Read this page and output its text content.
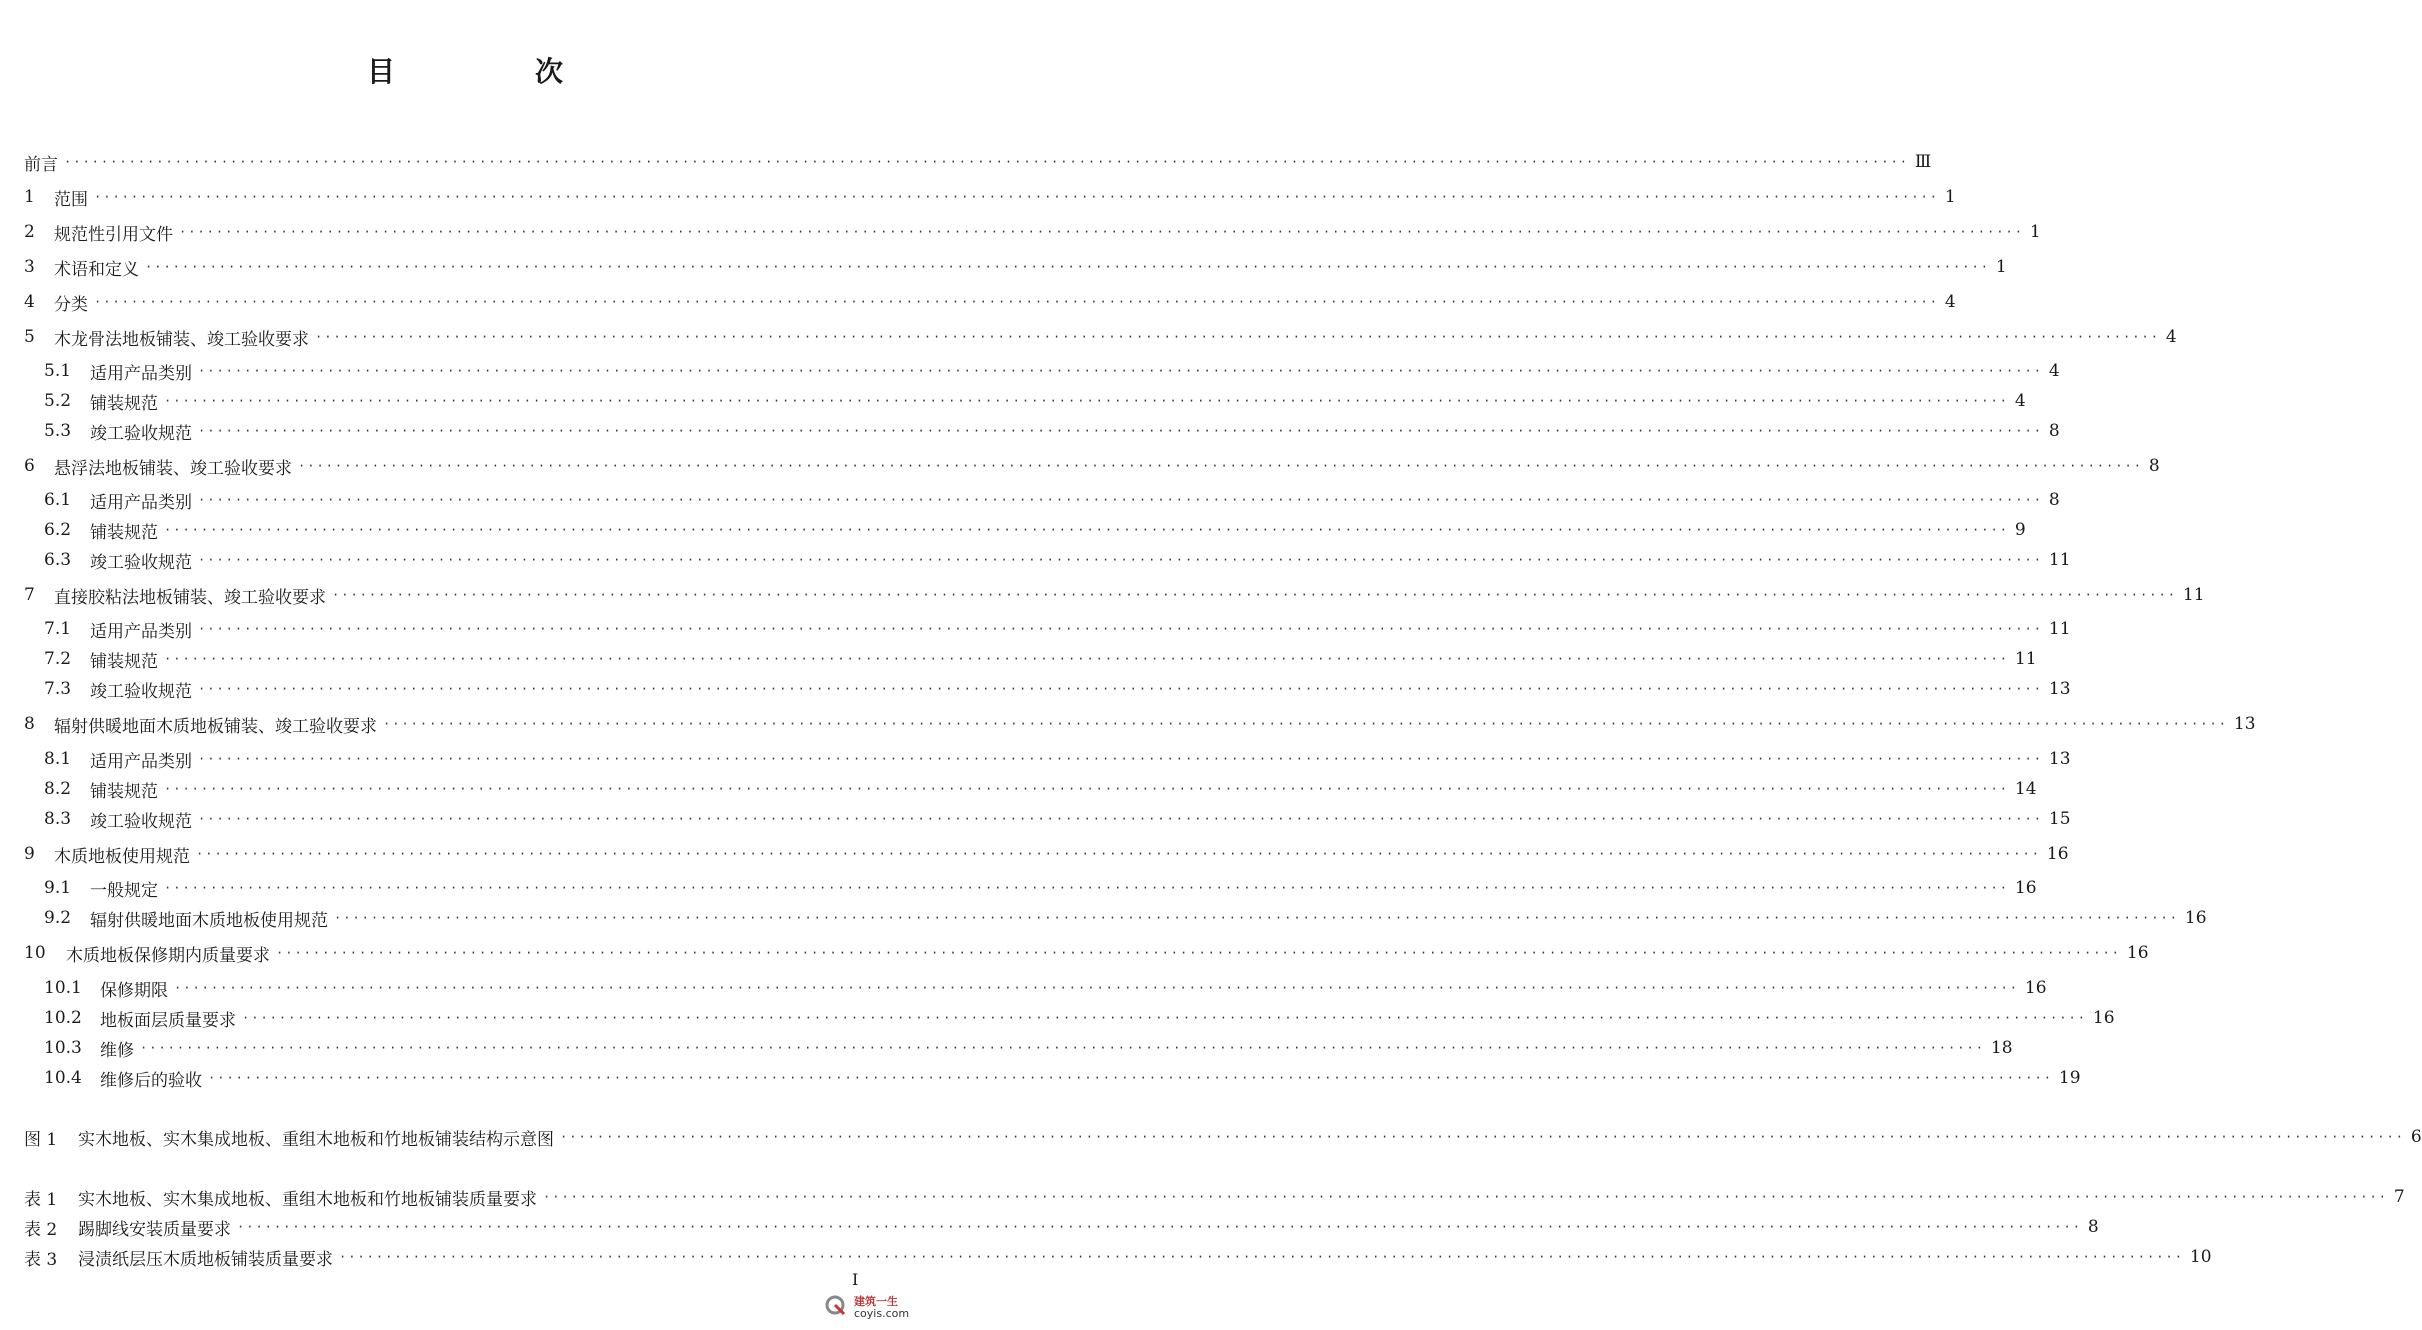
目　次
前言 ········································································································································································································ Ⅲ
1	范围 ········································································································································································································ 1
2	规范性引用文件 ········································································································································································································ 1
3	术语和定义 ········································································································································································································ 1
4	分类 ········································································································································································································ 4
5	木龙骨法地板铺装、竣工验收要求 ········································································································································································································ 4
5.1	适用产品类别 ········································································································································································································ 4
5.2	铺装规范 ········································································································································································································ 4
5.3	竣工验收规范 ········································································································································································································ 8
6	悬浮法地板铺装、竣工验收要求 ········································································································································································································ 8
6.1	适用产品类别 ········································································································································································································ 8
6.2	铺装规范 ········································································································································································································ 9
6.3	竣工验收规范 ········································································································································································································ 11
7	直接胶粘法地板铺装、竣工验收要求 ········································································································································································································ 11
7.1	适用产品类别 ········································································································································································································ 11
7.2	铺装规范 ········································································································································································································ 11
7.3	竣工验收规范 ········································································································································································································ 13
8	辐射供暖地面木质地板铺装、竣工验收要求 ········································································································································································································ 13
8.1	适用产品类别 ········································································································································································································ 13
8.2	铺装规范 ········································································································································································································ 14
8.3	竣工验收规范 ········································································································································································································ 15
9	木质地板使用规范 ········································································································································································································ 16
9.1	一般规定 ········································································································································································································ 16
9.2	辐射供暖地面木质地板使用规范 ········································································································································································································ 16
10	木质地板保修期内质量要求 ········································································································································································································ 16
10.1	保修期限 ········································································································································································································ 16
10.2	地板面层质量要求 ········································································································································································································ 16
10.3	维修 ········································································································································································································ 18
10.4	维修后的验收 ········································································································································································································ 19
图 1	实木地板、实木集成地板、重组木地板和竹地板铺装结构示意图 ········································································································································································································ 6
表 1	实木地板、实木集成地板、重组木地板和竹地板铺装质量要求 ········································································································································································································ 7
表 2	踢脚线安装质量要求 ········································································································································································································ 8
表 3	浸渍纸层压木质地板铺装质量要求 ········································································································································································································ 10
I
建筑一生
coyis.com
